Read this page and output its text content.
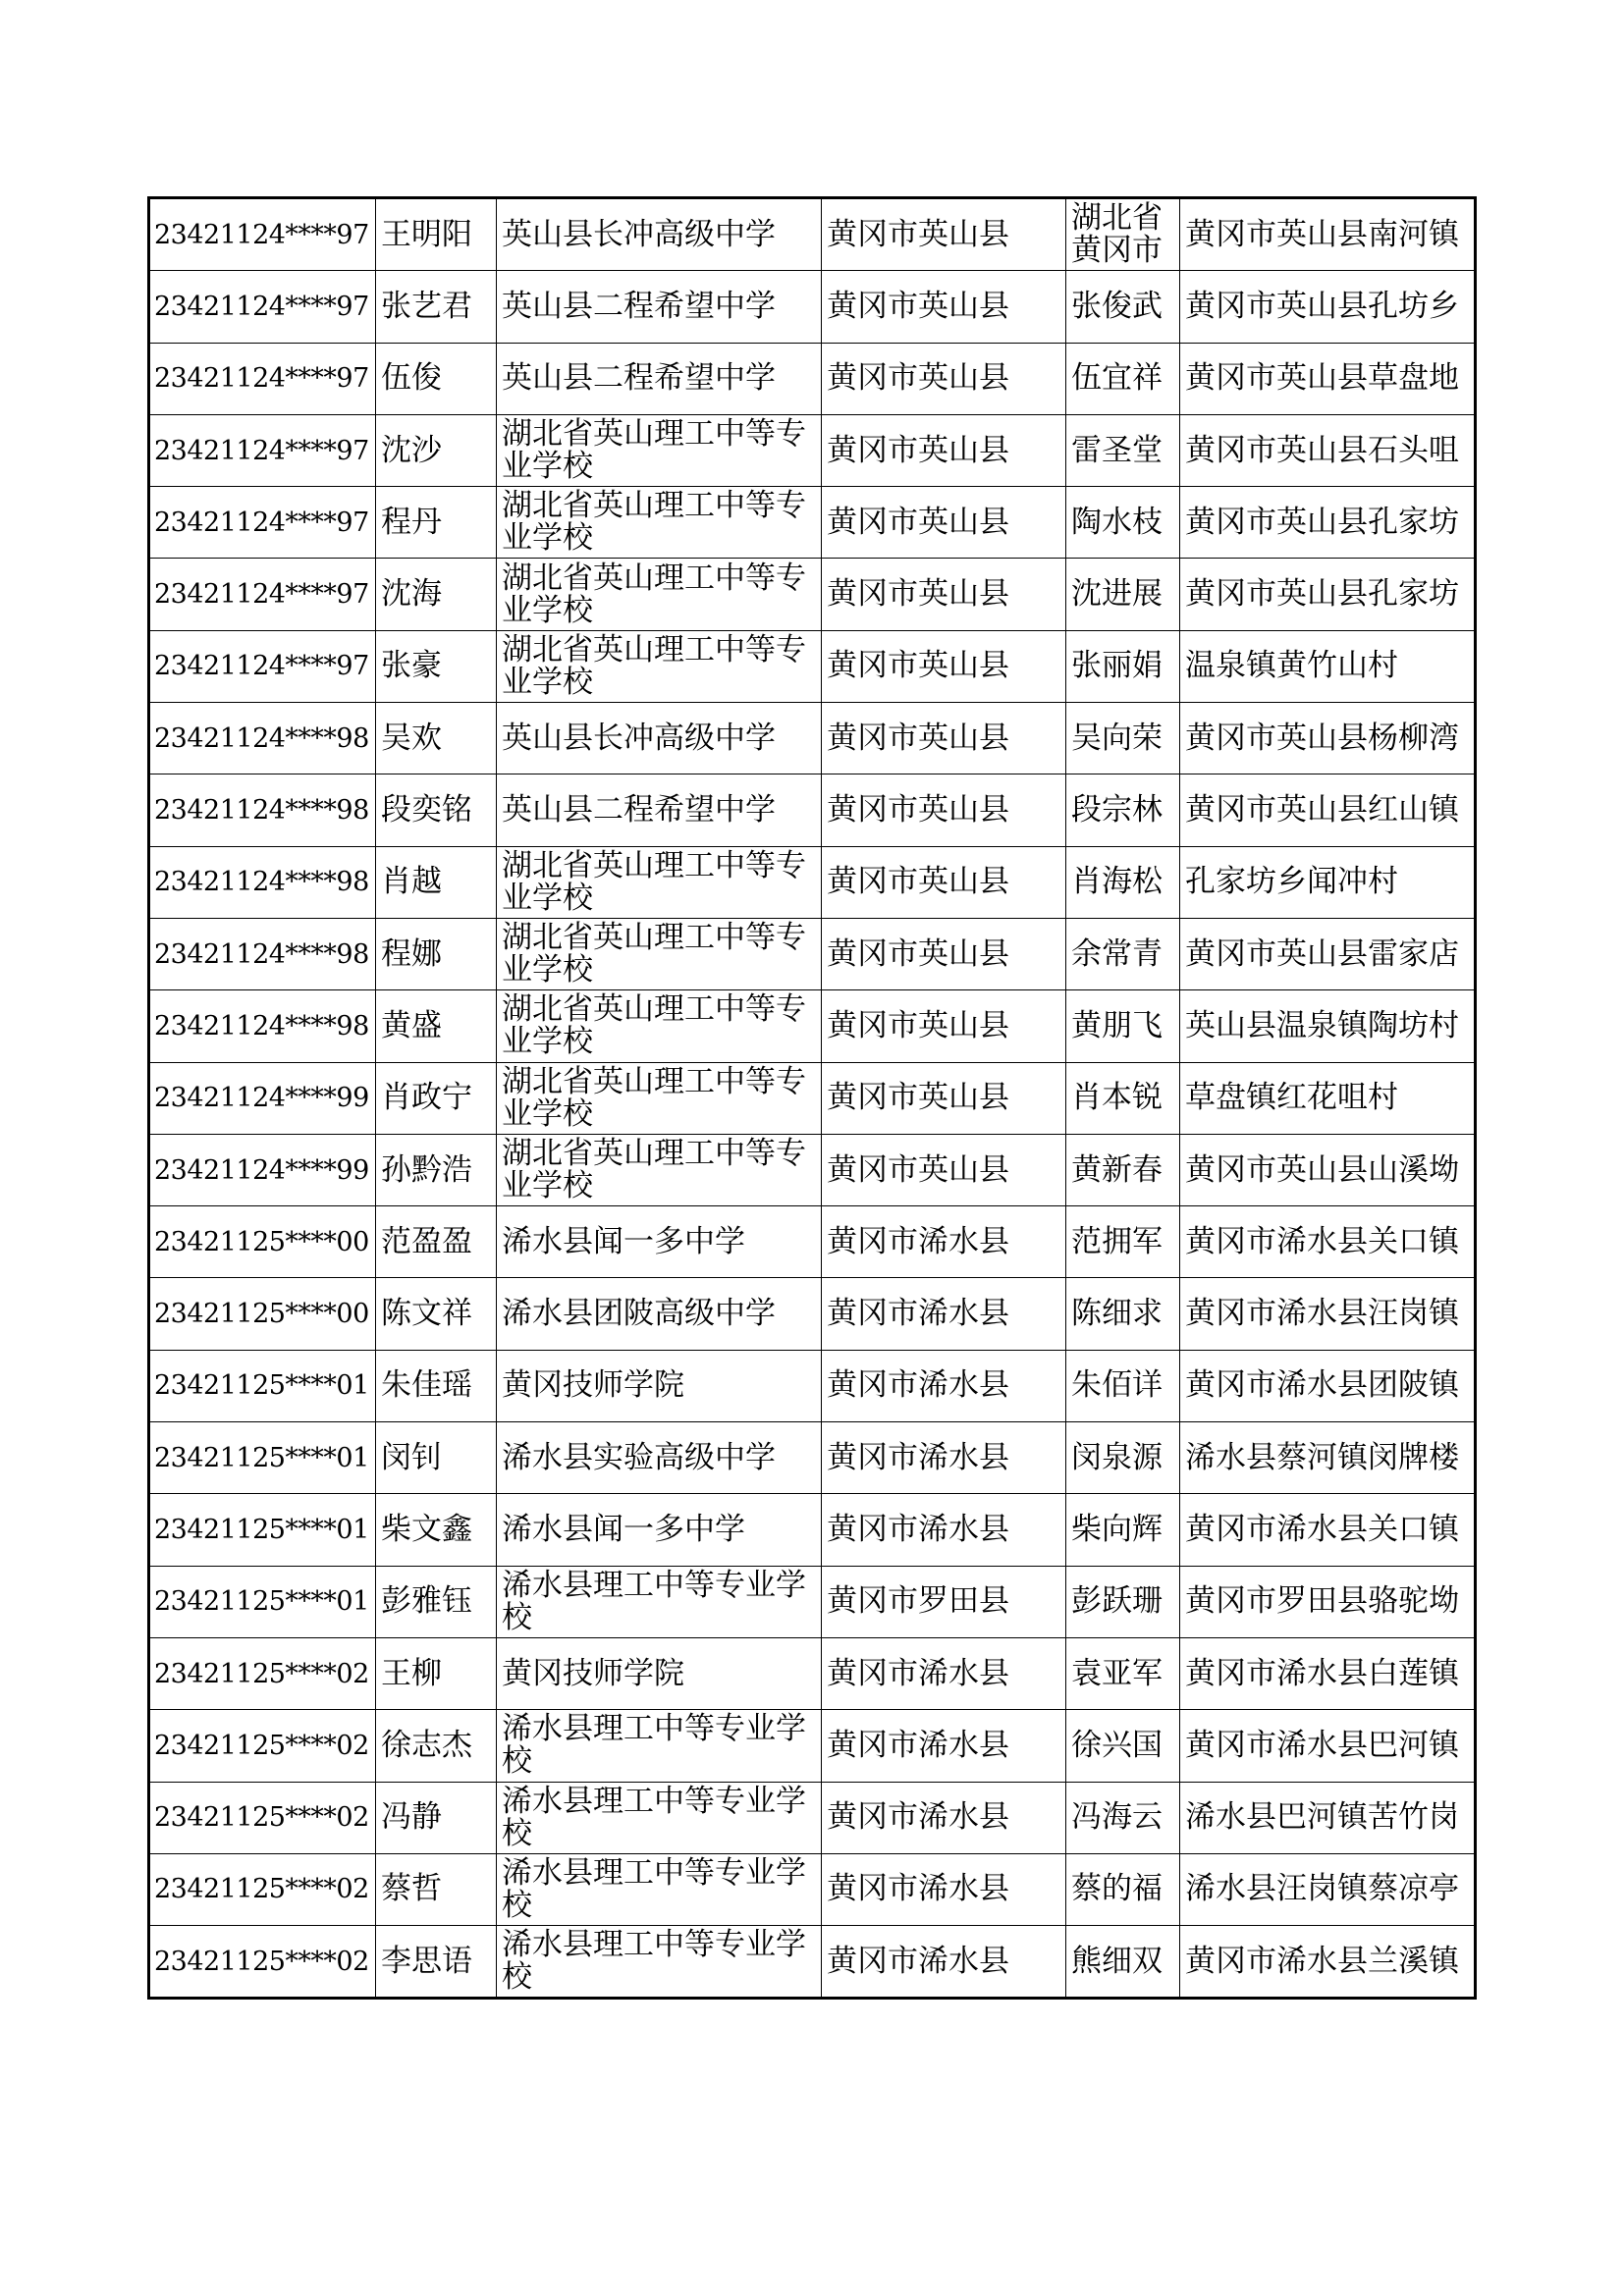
23421124****97	王明阳	英山县长冲高级中学	黄冈市英山县	湖北省黄冈市	黄冈市英山县南河镇
23421124****97	张艺君	英山县二程希望中学	黄冈市英山县	张俊武	黄冈市英山县孔坊乡
23421124****97	伍俊	英山县二程希望中学	黄冈市英山县	伍宜祥	黄冈市英山县草盘地
23421124****97	沈沙	湖北省英山理工中等专业学校	黄冈市英山县	雷圣堂	黄冈市英山县石头咀
23421124****97	程丹	湖北省英山理工中等专业学校	黄冈市英山县	陶水枝	黄冈市英山县孔家坊
23421124****97	沈海	湖北省英山理工中等专业学校	黄冈市英山县	沈进展	黄冈市英山县孔家坊
23421124****97	张豪	湖北省英山理工中等专业学校	黄冈市英山县	张丽娟	温泉镇黄竹山村
23421124****98	吴欢	英山县长冲高级中学	黄冈市英山县	吴向荣	黄冈市英山县杨柳湾
23421124****98	段奕铭	英山县二程希望中学	黄冈市英山县	段宗林	黄冈市英山县红山镇
23421124****98	肖越	湖北省英山理工中等专业学校	黄冈市英山县	肖海松	孔家坊乡闻冲村
23421124****98	程娜	湖北省英山理工中等专业学校	黄冈市英山县	余常青	黄冈市英山县雷家店
23421124****98	黄盛	湖北省英山理工中等专业学校	黄冈市英山县	黄朋飞	英山县温泉镇陶坊村
23421124****99	肖政宁	湖北省英山理工中等专业学校	黄冈市英山县	肖本锐	草盘镇红花咀村
23421124****99	孙黔浩	湖北省英山理工中等专业学校	黄冈市英山县	黄新春	黄冈市英山县山溪坳
23421125****00	范盈盈	浠水县闻一多中学	黄冈市浠水县	范拥军	黄冈市浠水县关口镇
23421125****00	陈文祥	浠水县团陂高级中学	黄冈市浠水县	陈细求	黄冈市浠水县汪岗镇
23421125****01	朱佳瑶	黄冈技师学院	黄冈市浠水县	朱佰详	黄冈市浠水县团陂镇
23421125****01	闵钊	浠水县实验高级中学	黄冈市浠水县	闵泉源	浠水县蔡河镇闵牌楼
23421125****01	柴文鑫	浠水县闻一多中学	黄冈市浠水县	柴向辉	黄冈市浠水县关口镇
23421125****01	彭雅钰	浠水县理工中等专业学校	黄冈市罗田县	彭跃珊	黄冈市罗田县骆驼坳
23421125****02	王柳	黄冈技师学院	黄冈市浠水县	袁亚军	黄冈市浠水县白莲镇
23421125****02	徐志杰	浠水县理工中等专业学校	黄冈市浠水县	徐兴国	黄冈市浠水县巴河镇
23421125****02	冯静	浠水县理工中等专业学校	黄冈市浠水县	冯海云	浠水县巴河镇苦竹岗
23421125****02	蔡哲	浠水县理工中等专业学校	黄冈市浠水县	蔡的福	浠水县汪岗镇蔡凉亭
23421125****02	李思语	浠水县理工中等专业学校	黄冈市浠水县	熊细双	黄冈市浠水县兰溪镇
